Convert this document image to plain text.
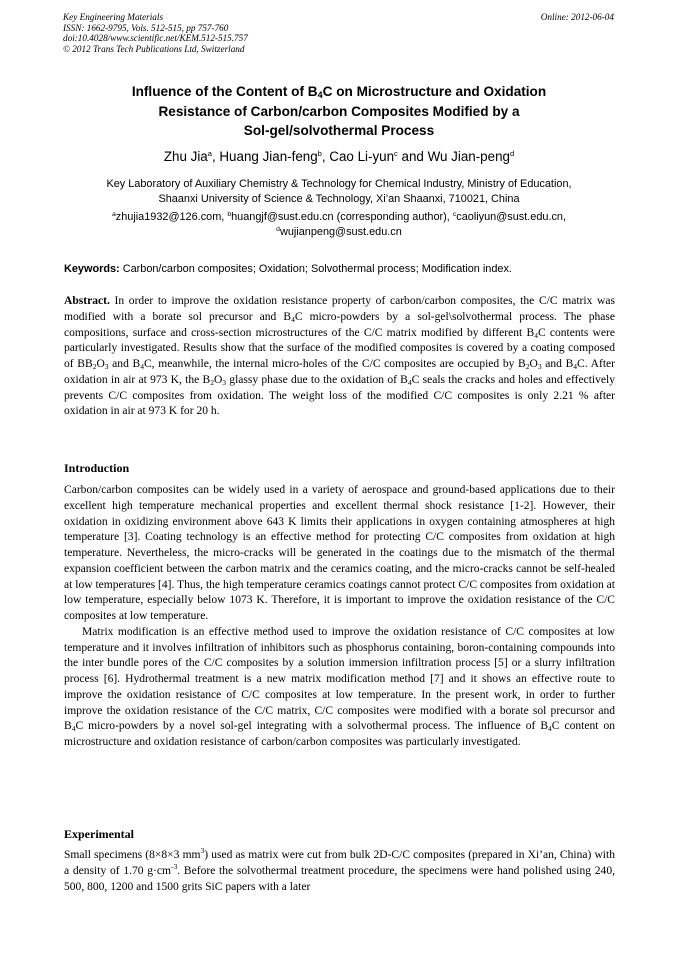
Key Engineering Materials
ISSN: 1662-9795, Vols. 512-515, pp 757-760
doi:10.4028/www.scientific.net/KEM.512-515.757
© 2012 Trans Tech Publications Ltd, Switzerland
Online: 2012-06-04
Influence of the Content of $B_4C$ on Microstructure and Oxidation
Resistance of Carbon/carbon Composites Modified by a
Sol-gel/solvothermal Process
Zhu Jia$^a$, Huang Jian-feng$^b$, Cao Li-yun$^c$ and Wu Jian-peng$^d$
Key Laboratory of Auxiliary Chemistry & Technology for Chemical Industry, Ministry of Education,
Shaanxi University of Science & Technology, Xi’an Shaanxi, 710021, China
$^a$zhujia1932@126.com, $^b$huangjf@sust.edu.cn (corresponding author), $^c$caoliyun@sust.edu.cn,
$^d$wujianpeng@sust.edu.cn
Keywords: Carbon/carbon composites; Oxidation; Solvothermal process; Modification index.
Abstract. In order to improve the oxidation resistance property of carbon/carbon composites, the C/C matrix was modified with a borate sol precursor and $B_4C$ micro-powders by a sol-gel\solvothermal process. The phase compositions, surface and cross-section microstructures of the C/C matrix modified by different $B_4C$ contents were particularly investigated. Results show that the surface of the modified composites is covered by a coating composed of $BB_2O_3$ and $B_4C$, meanwhile, the internal micro-holes of the C/C composites are occupied by $B_2O_3$ and $B_4C$. After oxidation in air at 973 K, the $B_2O_3$ glassy phase due to the oxidation of $B_4C$ seals the cracks and holes and effectively prevents C/C composites from oxidation. The weight loss of the modified C/C composites is only 2.21 % after oxidation in air at 973 K for 20 h.
Introduction

Carbon/carbon composites can be widely used in a variety of aerospace and ground-based applications due to their excellent high temperature mechanical properties and excellent thermal shock resistance [1-2]. However, their oxidation in oxidizing environment above 643 K limits their applications in oxygen containing atmospheres at high temperature [3]. Coating technology is an effective method for protecting C/C composites from oxidation at high temperature. Nevertheless, the micro-cracks will be generated in the coatings due to the mismatch of the thermal expansion coefficient between the carbon matrix and the ceramics coating, and the micro-cracks cannot be self-healed at low temperatures [4]. Thus, the high temperature ceramics coatings cannot protect C/C composites from oxidation at low temperature, especially below 1073 K. Therefore, it is important to improve the oxidation resistance of the C/C composites at low temperature.

Matrix modification is an effective method used to improve the oxidation resistance of C/C composites at low temperature and it involves infiltration of inhibitors such as phosphorus containing, boron-containing compounds into the inter bundle pores of the C/C composites by a solution immersion infiltration process [5] or a slurry infiltration process [6]. Hydrothermal treatment is a new matrix modification method [7] and it shows an effective route to improve the oxidation resistance of C/C composites at low temperature. In the present work, in order to further improve the oxidation resistance of the C/C matrix, C/C composites were modified with a borate sol precursor and $B_4C$ micro-powders by a novel sol-gel integrating with a solvothermal process. The influence of $B_4C$ content on microstructure and oxidation resistance of carbon/carbon composites was particularly investigated.

Experimental
Small specimens (8×8×3 $mm^3$) used as matrix were cut from bulk 2D-C/C composites (prepared in Xi’an, China) with a density of 1.70 $g\cdot cm^{-3}$. Before the solvothermal treatment procedure, the specimens were hand polished using 240, 500, 800, 1200 and 1500 grits SiC papers with a later
